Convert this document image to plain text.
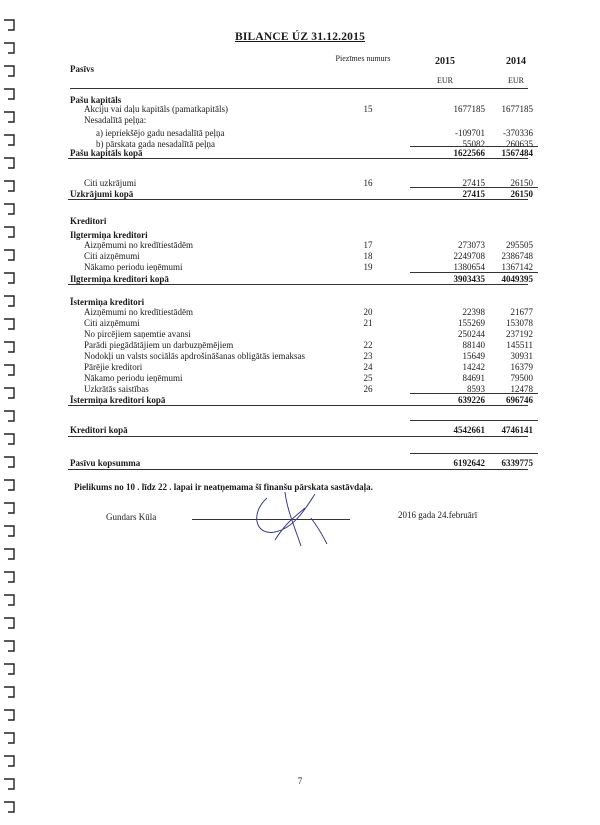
BILANCE ÚZ 31.12.2015
Pasīvs
Piezīmes numurs	2015	2014
EUR	EUR
Pašu kapitāls
Akciju vai daļu kapitāls (pamatkapitāls)	15	1677185 1677185
Nesadalītā peļņa:
a) iepriekšējo gadu nesadalītā peļņa	-109701 -370336
b) pārskata gada nesadalītā peļņa	55082 260635
Pašu kapitāls kopā	1622566 1567484
Citi uzkrājumi	16	27415	26150
Uzkrājumi kopā	27415	26150
Kreditori
Ilgtermiņa kreditori
Aizņēmumi no kredītiestādēm	17	273073 295505
Citi aizņēmumi	18	2249708 2386748
Nākamo periodu ieņēmumi	19	1380654 1367142
Ilgtermiņa kreditori kopā	3903435 4049395
Īstermiņa kreditori
Aizņēmumi no kredītiestādēm	20	22398	21677
Citi aizņēmumi	21	155269 153078
No pircējiem saņemtie avansi	250244 237192
Parādi piegādātājiem un darbuzņēmējiem	22	88140 145511
Nodokļi un valsts sociālās apdrošināšanas obligātās iemaksas	23	15649	30931
Pārējie kreditori	24	14242	16379
Nākamo periodu ieņēmumi	25	84691	79500
Uzkrātās saistības	26	8593	12478
Īstermiņa kreditori kopā	639226 696746
Kreditori kopā	4542661 4746141
Pasīvu kopsumma	6192642 6339775
Pielikums no 10 . līdz 22 . lapai ir neatņemama šī finanšu pārskata sastāvdaļa.
Gundars Kūla	2016 gada 24.februārī
7
